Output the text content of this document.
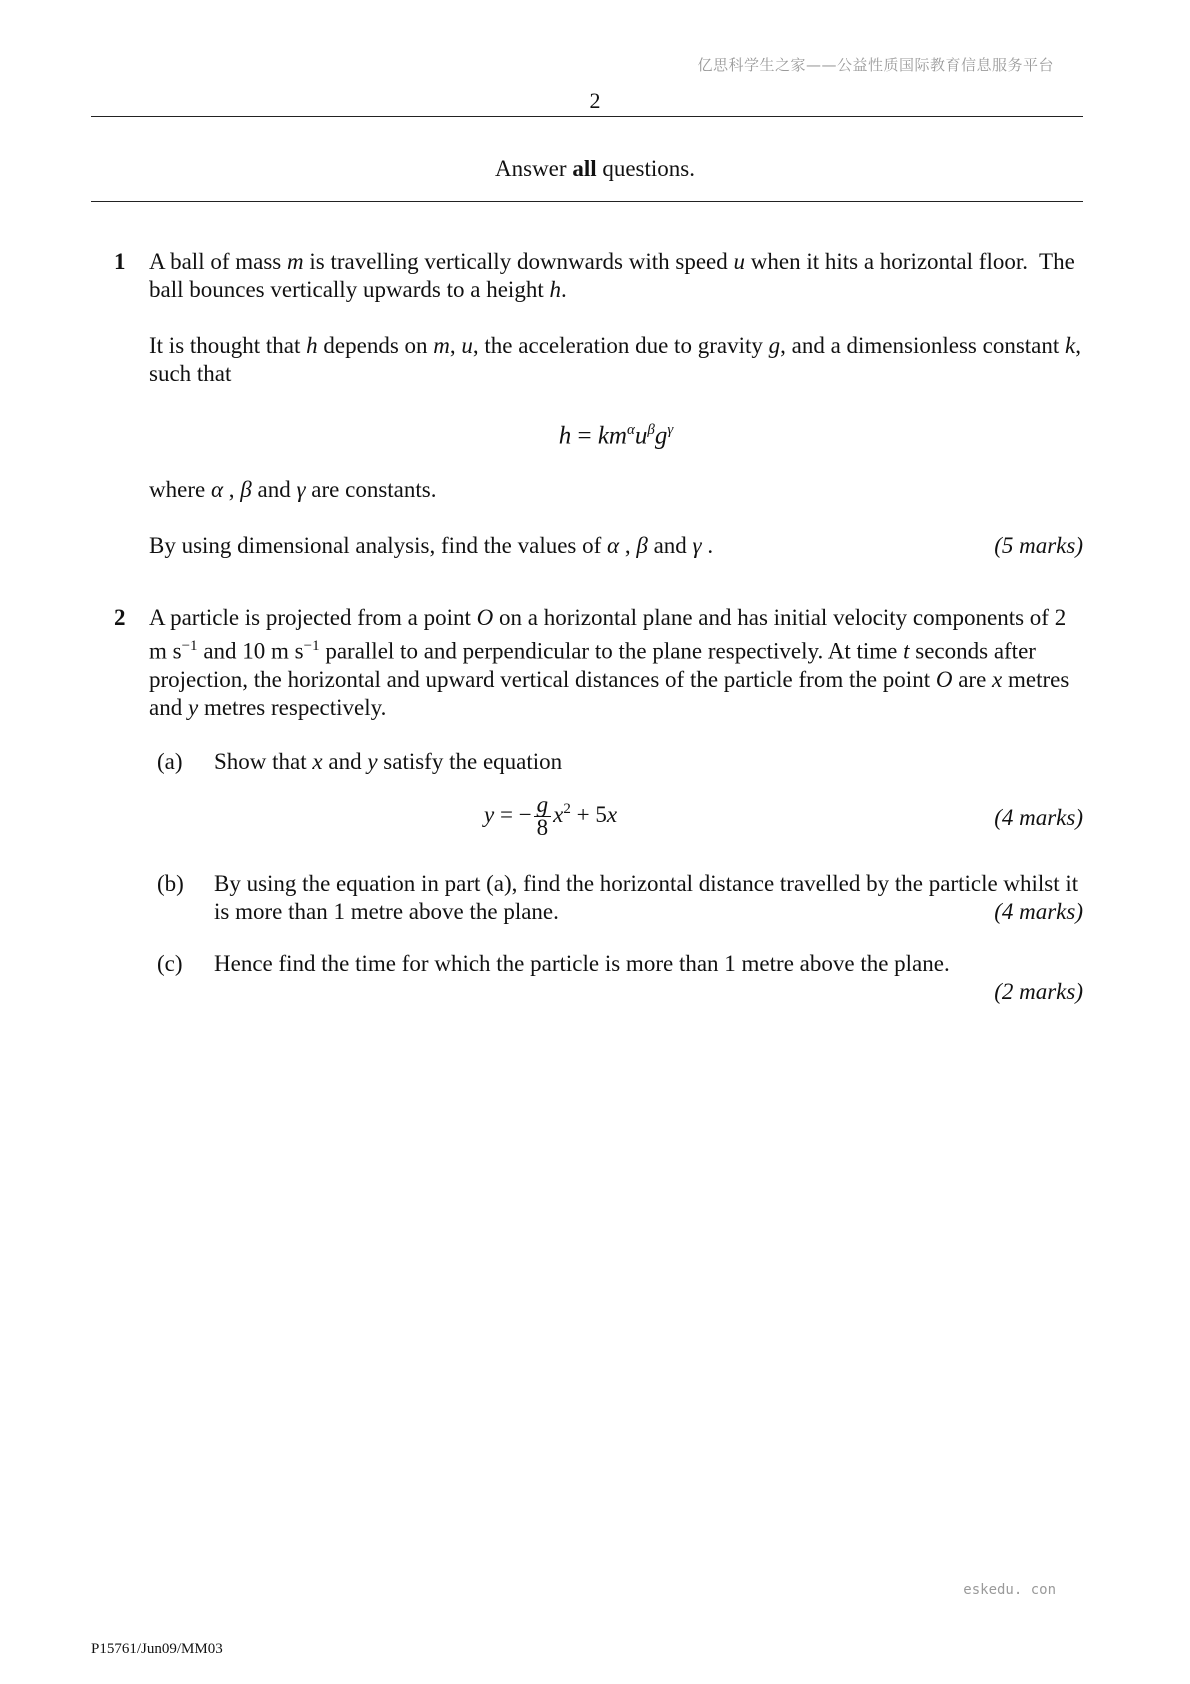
亿思科学生之家——公益性质国际教育信息服务平台
2
Answer all questions.
1 A ball of mass m is travelling vertically downwards with speed u when it hits a horizontal floor.  The ball bounces vertically upwards to a height h.

It is thought that h depends on m, u, the acceleration due to gravity g, and a dimensionless constant k, such that

$h = km^\alpha u^\beta g^\gamma$

where α , β and γ are constants.

By using dimensional analysis, find the values of α , β and γ .	(5 marks)

2 A particle is projected from a point O on a horizontal plane and has initial velocity components of 2 m $s^{-1}$ and 10 m $s^{-1}$ parallel to and perpendicular to the plane respectively. At time t seconds after projection, the horizontal and upward vertical distances of the particle from the point O are x metres and y metres respectively.

(a) Show that x and y satisfy the equation
y = − $\frac{g}{8} x^2 + 5x$	(4 marks)
(b) By using the equation in part (a), find the horizontal distance travelled by the particle whilst it is more than 1 metre above the plane.	(4 marks)
(c) Hence find the time for which the particle is more than 1 metre above the plane.

(2 marks)
eskedu. con
P15761/Jun09/MM03
